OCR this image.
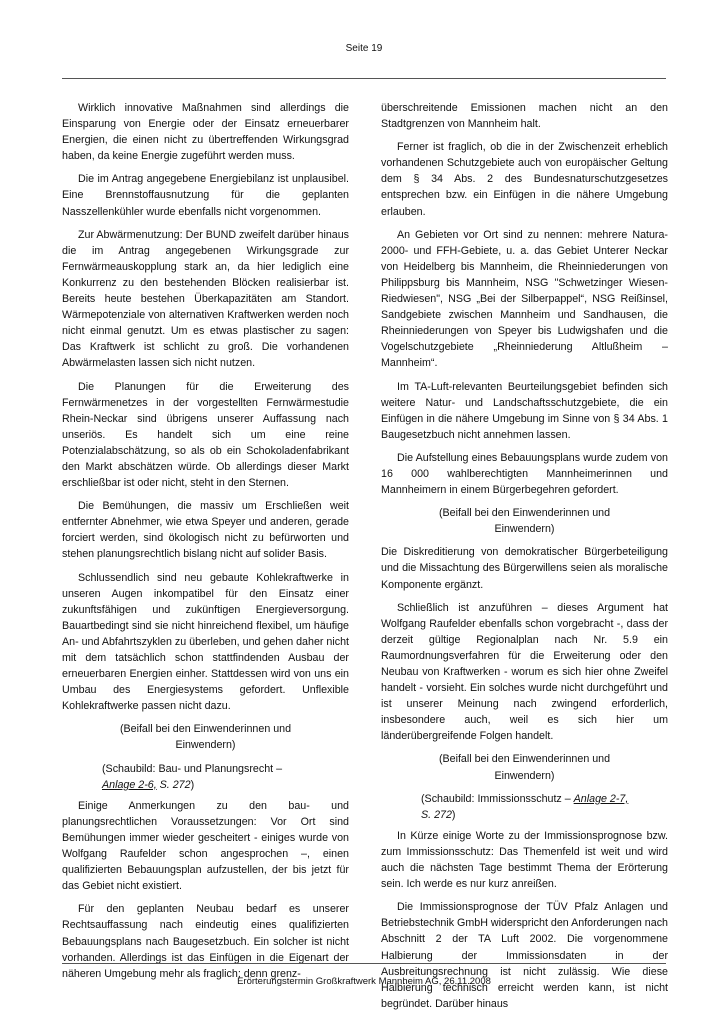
Seite 19

Wirklich innovative Maßnahmen sind allerdings die Einsparung von Energie oder der Einsatz erneuerbarer Energien, die einen nicht zu übertreffenden Wirkungsgrad haben, da keine Energie zugeführt werden muss.

Die im Antrag angegebene Energiebilanz ist unplausibel. Eine Brennstoffausnutzung für die geplanten Nasszellenkühler wurde ebenfalls nicht vorgenommen.

Zur Abwärmenutzung: Der BUND zweifelt darüber hinaus die im Antrag angegebenen Wirkungsgrade zur Fernwärmeauskopplung stark an, da hier lediglich eine Konkurrenz zu den bestehenden Blöcken realisierbar ist. Bereits heute bestehen Überkapazitäten am Standort. Wärmepotenziale von alternativen Kraftwerken werden noch nicht einmal genutzt. Um es etwas plastischer zu sagen: Das Kraftwerk ist schlicht zu groß. Die vorhandenen Abwärmelasten lassen sich nicht nutzen.

Die Planungen für die Erweiterung des Fernwärmenetzes in der vorgestellten Fernwärmestudie Rhein-Neckar sind übrigens unserer Auffassung nach unseriös. Es handelt sich um eine reine Potenzialabschätzung, so als ob ein Schokoladenfabrikant den Markt abschätzen würde. Ob allerdings dieser Markt erschließbar ist oder nicht, steht in den Sternen.

Die Bemühungen, die massiv um Erschließen weit entfernter Abnehmer, wie etwa Speyer und anderen, gerade forciert werden, sind ökologisch nicht zu befürworten und stehen planungsrechtlich bislang nicht auf solider Basis.

Schlussendlich sind neu gebaute Kohlekraftwerke in unseren Augen inkompatibel für den Einsatz einer zukunftsfähigen und zukünftigen Energieversorgung. Bauartbedingt sind sie nicht hinreichend flexibel, um häufige An- und Abfahrtszyklen zu überleben, und gehen daher nicht mit dem tatsächlich schon stattfindenden Ausbau der erneuerbaren Energien einher. Stattdessen wird von uns ein Umbau des Energiesystems gefordert. Unflexible Kohlekraftwerke passen nicht dazu.

(Beifall bei den Einwenderinnen und Einwendern)

(Schaubild: Bau- und Planungsrecht –
Anlage 2-6, S. 272)

Einige Anmerkungen zu den bau- und planungsrechtlichen Voraussetzungen: Vor Ort sind Bemühungen immer wieder gescheitert - einiges wurde von Wolfgang Raufelder schon angesprochen –, einen qualifizierten Bebauungsplan aufzustellen, der bis jetzt für das Gebiet nicht existiert.

Für den geplanten Neubau bedarf es unserer Rechtsauffassung nach eindeutig eines qualifizierten Bebauungsplans nach Baugesetzbuch. Ein solcher ist nicht vorhanden. Allerdings ist das Einfügen in die Eigenart der näheren Umgebung mehr als fraglich; denn grenz-

überschreitende Emissionen machen nicht an den Stadtgrenzen von Mannheim halt.

Ferner ist fraglich, ob die in der Zwischenzeit erheblich vorhandenen Schutzgebiete auch von europäischer Geltung dem § 34 Abs. 2 des Bundesnaturschutzgesetzes entsprechen bzw. ein Einfügen in die nähere Umgebung erlauben.

An Gebieten vor Ort sind zu nennen: mehrere Natura-2000- und FFH-Gebiete, u. a. das Gebiet Unterer Neckar von Heidelberg bis Mannheim, die Rheinniederungen von Philippsburg bis Mannheim, NSG "Schwetzinger Wiesen-Riedwiesen", NSG „Bei der Silberpappel“, NSG Reißinsel, Sandgebiete zwischen Mannheim und Sandhausen, die Rheinniederungen von Speyer bis Ludwigshafen und die Vogelschutzgebiete „Rheinniederung Altlußheim – Mannheim“.

Im TA-Luft-relevanten Beurteilungsgebiet befinden sich weitere Natur- und Landschaftsschutzgebiete, die ein Einfügen in die nähere Umgebung im Sinne von § 34 Abs. 1 Baugesetzbuch nicht annehmen lassen.

Die Aufstellung eines Bebauungsplans wurde zudem von 16 000 wahlberechtigten Mannheimerinnen und Mannheimern in einem Bürgerbegehren gefordert.

(Beifall bei den Einwenderinnen und Einwendern)

Die Diskreditierung von demokratischer Bürgerbeteiligung und die Missachtung des Bürgerwillens seien als moralische Komponente ergänzt.

Schließlich ist anzuführen – dieses Argument hat Wolfgang Raufelder ebenfalls schon vorgebracht -, dass der derzeit gültige Regionalplan nach Nr. 5.9 ein Raumordnungsverfahren für die Erweiterung oder den Neubau von Kraftwerken - worum es sich hier ohne Zweifel handelt - vorsieht. Ein solches wurde nicht durchgeführt und ist unserer Meinung nach zwingend erforderlich, insbesondere auch, weil es sich hier um länderübergreifende Folgen handelt.

(Beifall bei den Einwenderinnen und Einwendern)

(Schaubild: Immissionsschutz – Anlage 2-7,
S. 272)

In Kürze einige Worte zu der Immissionsprognose bzw. zum Immissionsschutz: Das Themenfeld ist weit und wird auch die nächsten Tage bestimmt Thema der Erörterung sein. Ich werde es nur kurz anreißen.

Die Immissionsprognose der TÜV Pfalz Anlagen und Betriebstechnik GmbH widerspricht den Anforderungen nach Abschnitt 2 der TA Luft 2002. Die vorgenommene Halbierung der Immissionsdaten in der Ausbreitungsrechnung ist nicht zulässig. Wie diese Halbierung technisch erreicht werden kann, ist nicht begründet. Darüber hinaus

Erörterungstermin Großkraftwerk Mannheim AG, 26.11.2008
